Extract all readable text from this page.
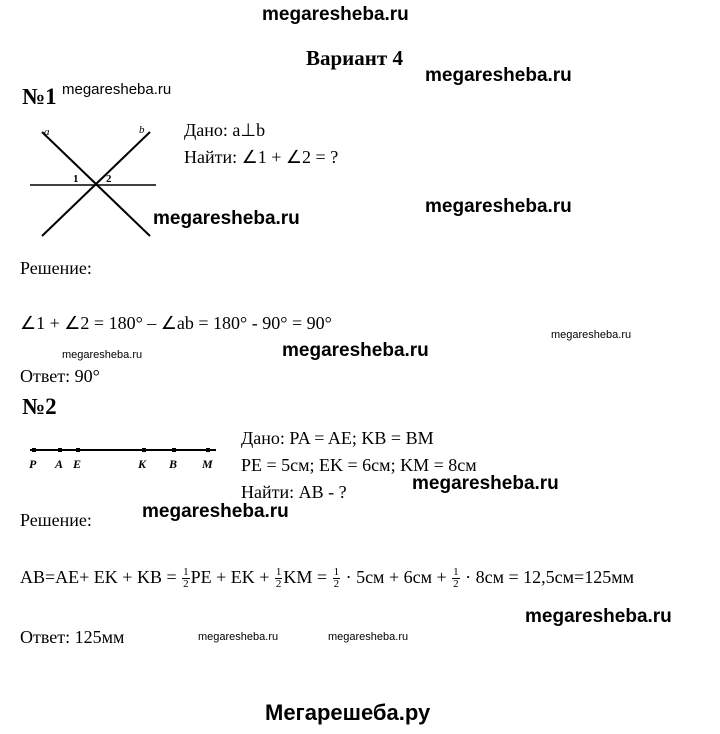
megaresheba.ru
megaresheba.ru
megaresheba.ru
megaresheba.ru
megaresheba.ru
megaresheba.ru
megaresheba.ru	megaresheba.ru
megaresheba.ru
megaresheba.ru
megaresheba.ru
megaresheba.ru	megaresheba.ru
Мегарешеба.ру
Вариант 4
№1
a	b
1	2
Дано: a⊥b
Найти: ∠1 + ∠2 = ?
Решение:
∠1 + ∠2 = 180° – ∠ab = 180° - 90° = 90°
Ответ: 90°
№2
P A E	K B M
Дано: PA = AE; KB = BM
PE = 5см; EK = 6см; KM = 8см
Найти: AB - ?
Решение:
AB=AE+ EK + KB = $\frac{1}{2}$ PE + EK + $\frac{1}{2}$ KM = $\frac{1}{2} \cdot 5см + 6см + \frac{1}{2} \cdot 8см = 12,5см=125мм$
Ответ: 125мм
